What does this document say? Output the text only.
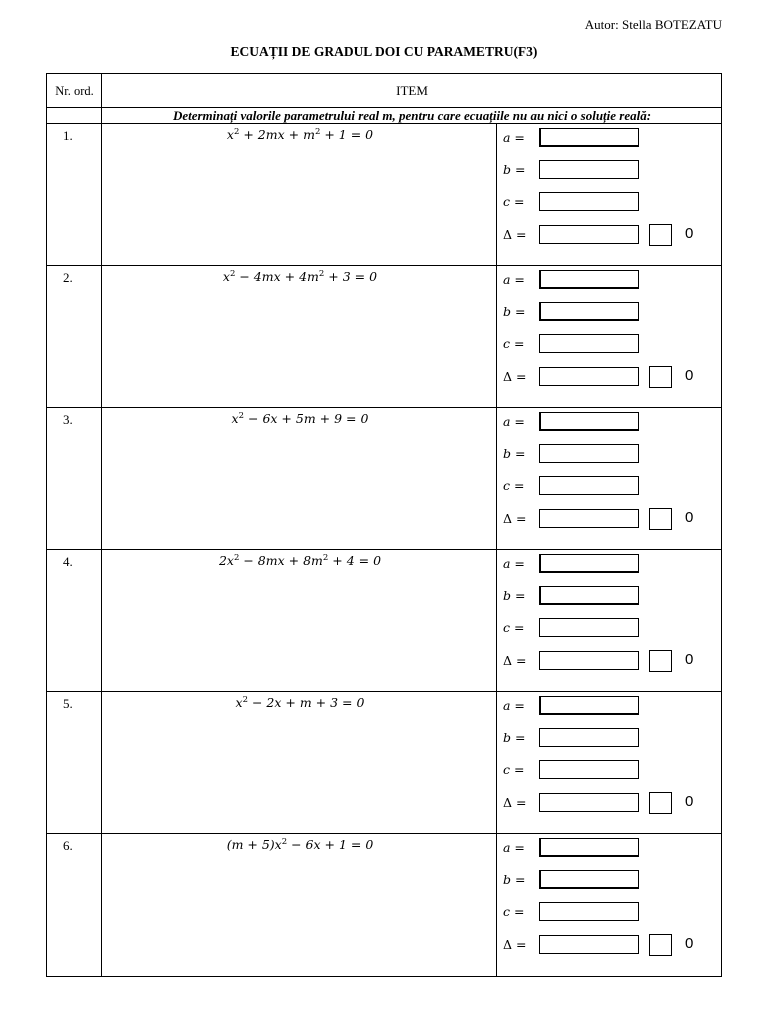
Autor: Stella BOTEZATU
ECUAȚII DE GRADUL DOI CU PARAMETRU(F3)
Nr. ord.	ITEM
Determinați valorile parametrului real m, pentru care ecuațiile nu au nici o soluție reală:
1.	$x^2 + 2mx + m^2 + 1 = 0$	a =
b =
c =
Δ =	0
2.	$x^2 - 4mx + 4m^2 + 3 = 0$	a =
b =
c =
Δ =	0
3.	$x^2 - 6x + 5m + 9 = 0$	a =
b =
c =
Δ =	0
4.	$2x^2 - 8mx + 8m^2 + 4 = 0$	a =
b =
c =
Δ =	0
5.	$x^2 - 2x + m + 3 = 0$	a =
b =
c =
Δ =	0
6.	$(m + 5)x^2 - 6x + 1 = 0$	a =
b =
c =
Δ =	0
